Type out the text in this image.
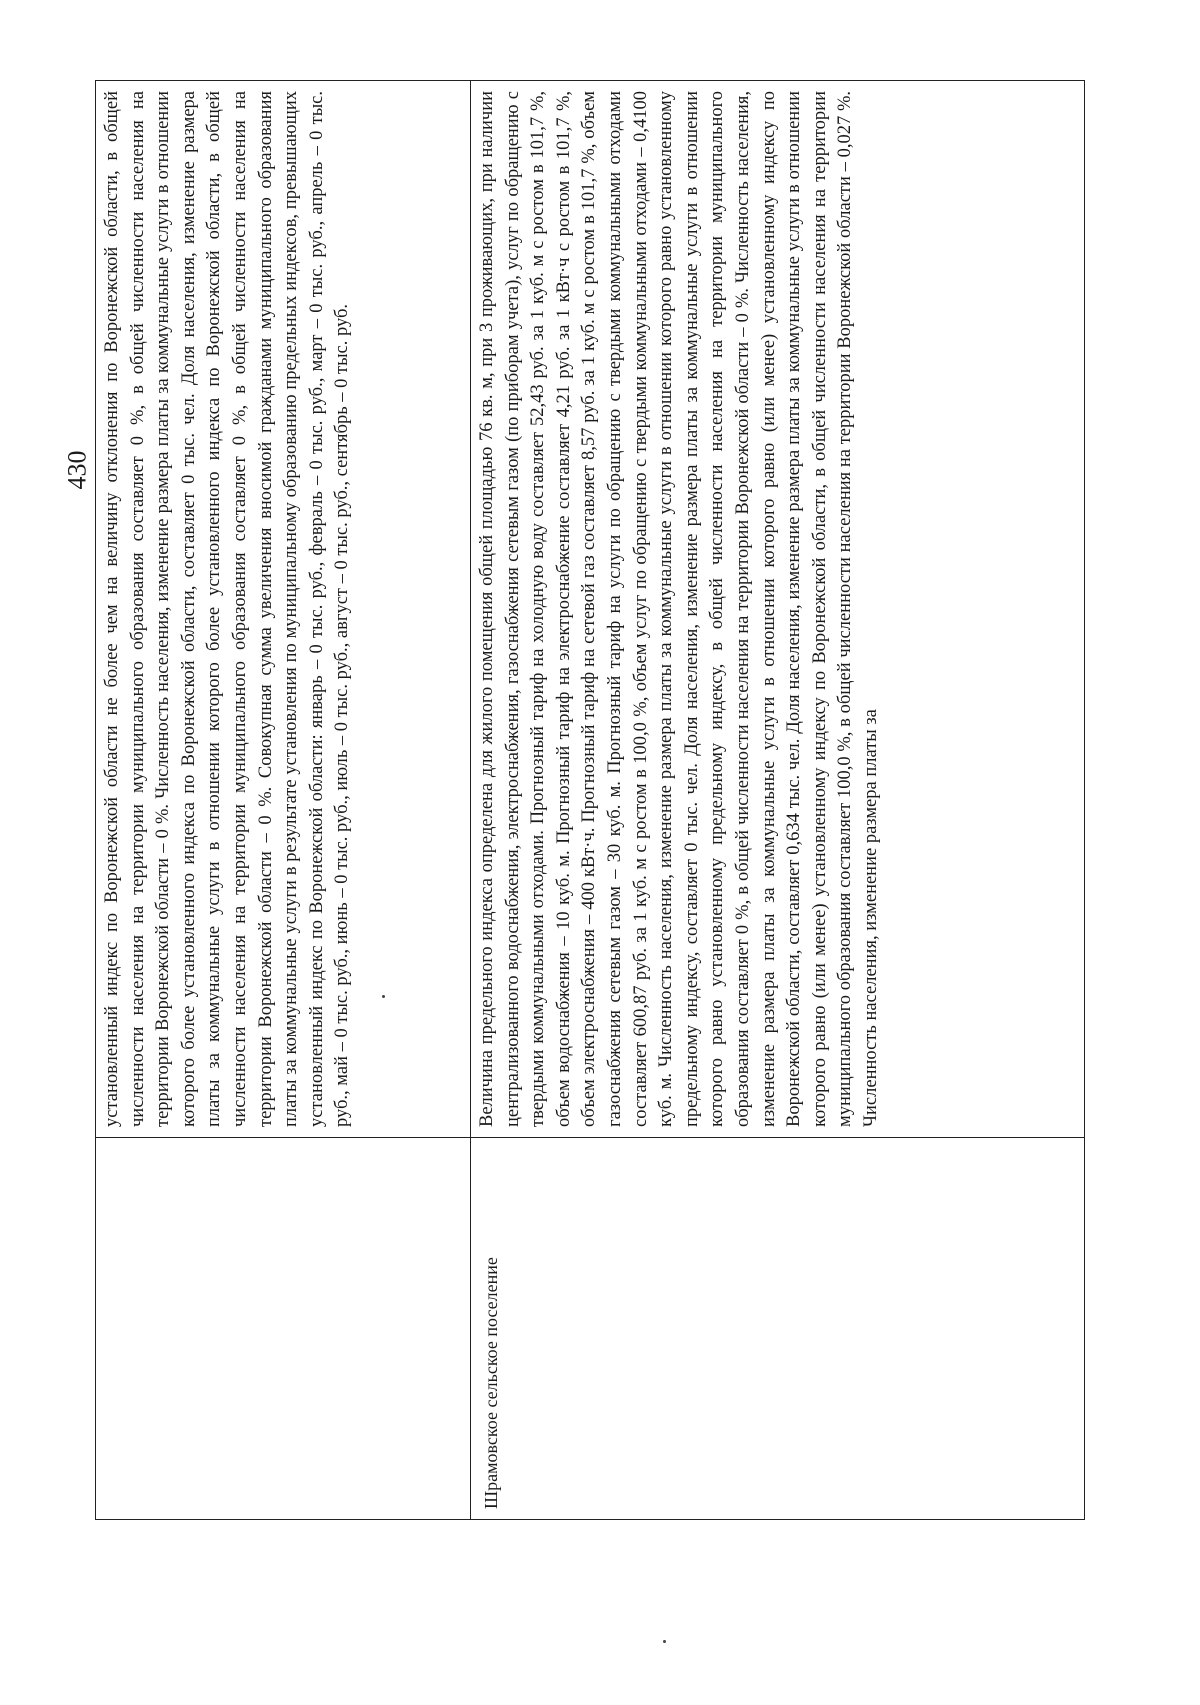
430 установленный индекс по Воронежской области не более чем на величину отклонения по Воронежской области, в общей численности населения на территории муниципального образования составляет 0 %, в общей численности населения на территории Воронежской области – 0 %. Численность населения, изменение размера платы за коммунальные услуги в отношении которого более установленного индекса по Воронежской области, составляет 0 тыс. чел. Доля населения, изменение размера платы за коммунальные услуги в отношении которого более установленного индекса по Воронежской области, в общей численности населения на территории муниципального образования составляет 0 %, в общей численности населения на территории Воронежской области – 0 %. Совокупная сумма увеличения вносимой гражданами муниципального образования платы за коммунальные услуги в результате установления по муниципальному образованию предельных индексов, превышающих установленный индекс по Воронежской области: январь – 0 тыс. руб., февраль – 0 тыс. руб., март – 0 тыс. руб., апрель – 0 тыс. руб., май – 0 тыс. руб., июнь – 0 тыс. руб., июль – 0 тыс. руб., август – 0 тыс. руб., сентябрь – 0 тыс. руб.
Шрамовское сельское поселение
Величина предельного индекса определена для жилого помещения общей площадью 76 кв. м, при 3 проживающих, при наличии централизованного водоснабжения, электроснабжения, газоснабжения сетевым газом (по приборам учета), услуг по обращению с твердыми коммунальными отходами. Прогнозный тариф на холодную воду составляет 52,43 руб. за 1 куб. м с ростом в 101,7 %, объем водоснабжения – 10 куб. м. Прогнозный тариф на электроснабжение составляет 4,21 руб. за 1 кВт·ч с ростом в 101,7 %, объем электроснабжения – 400 кВт·ч. Прогнозный тариф на сетевой газ составляет 8,57 руб. за 1 куб. м с ростом в 101,7 %, объем газоснабжения сетевым газом – 30 куб. м. Прогнозный тариф на услуги по обращению с твердыми коммунальными отходами составляет 600,87 руб. за 1 куб. м с ростом в 100,0 %, объем услуг по обращению с твердыми коммунальными отходами – 0,4100 куб. м. Численность населения, изменение размера платы за коммунальные услуги в отношении которого равно установленному предельному индексу, составляет 0 тыс. чел. Доля населения, изменение размера платы за коммунальные услуги в отношении которого равно установленному предельному индексу, в общей численности населения на территории муниципального образования составляет 0 %, в общей численности населения на территории Воронежской области – 0 %. Численность населения, изменение размера платы за коммунальные услуги в отношении которого равно (или менее) установленному индексу по Воронежской области, составляет 0,634 тыс. чел. Доля населения, изменение размера платы за коммунальные услуги в отношении которого равно (или менее) установленному индексу по Воронежской области, в общей численности населения на территории муниципального образования составляет 100,0 %, в общей численности населения на территории Воронежской области – 0,027 %. Численность населения, изменение размера платы за
